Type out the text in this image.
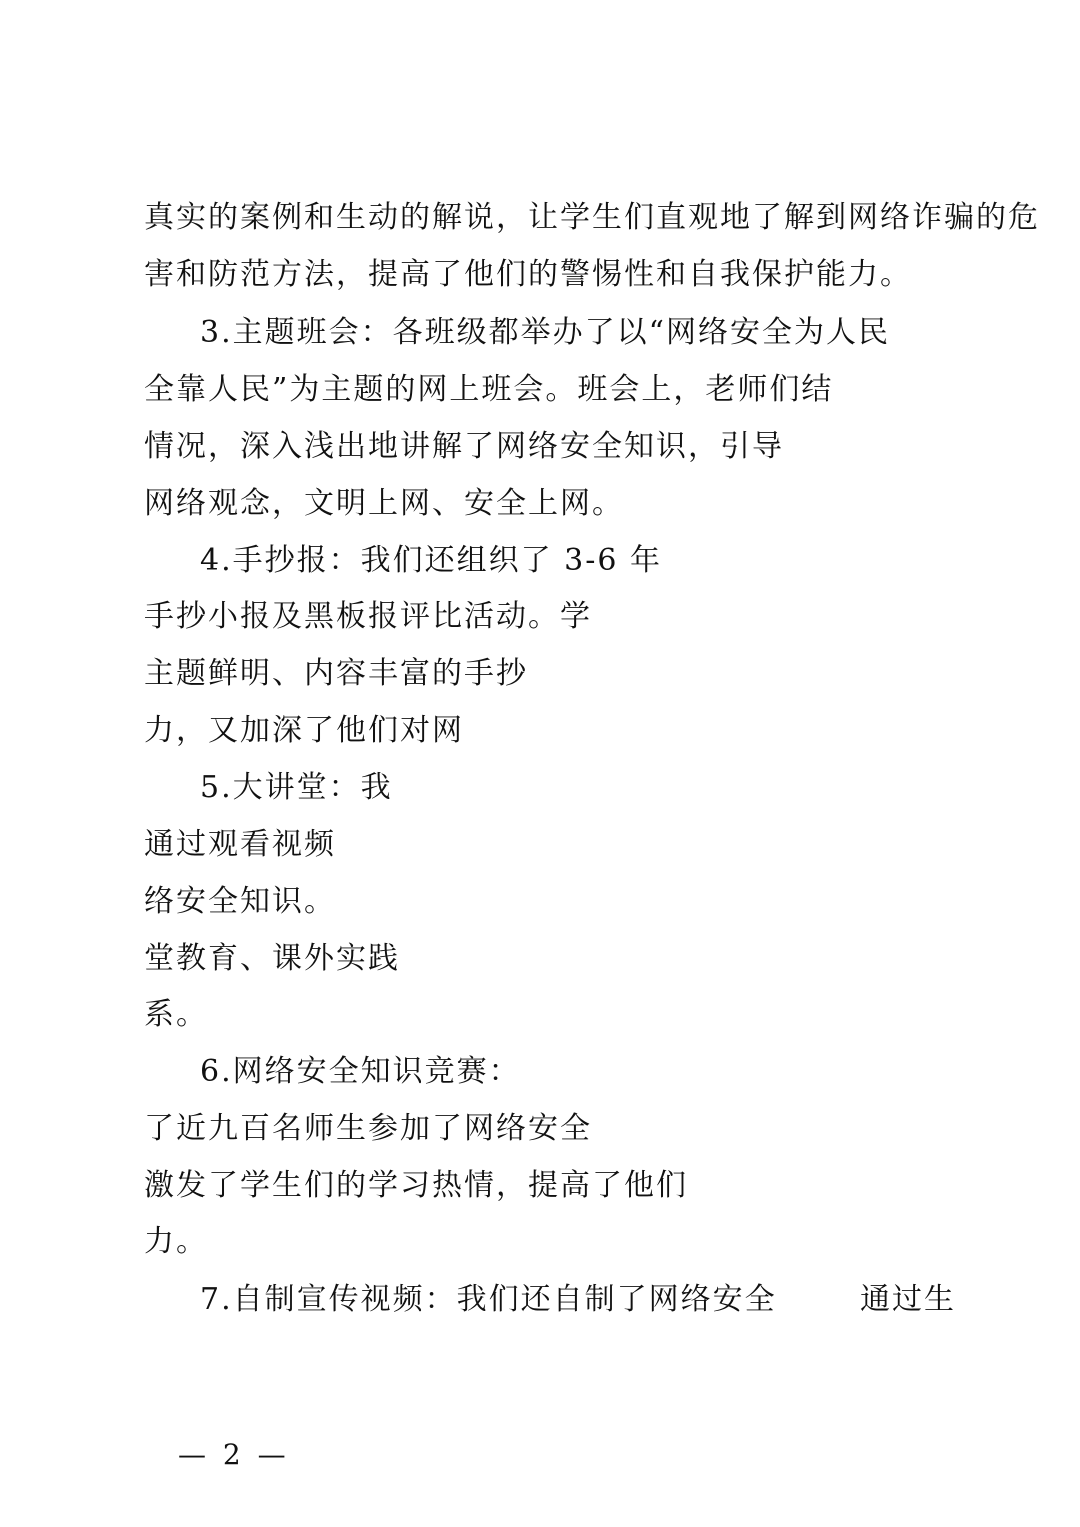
真实的案例和生动的解说，让学生们直观地了解到网络诈骗的危
害和防范方法，提高了他们的警惕性和自我保护能力。
3.主题班会：各班级都举办了以“网络安全为人民
全靠人民”为主题的网上班会。班会上，老师们结
情况，深入浅出地讲解了网络安全知识，引导
网络观念，文明上网、安全上网。
4.手抄报：我们还组织了 3-6 年
手抄小报及黑板报评比活动。学
主题鲜明、内容丰富的手抄
力，又加深了他们对网
5.大讲堂：我
通过观看视频
络安全知识。
堂教育、课外实践
系。
6.网络安全知识竞赛：
了近九百名师生参加了网络安全
激发了学生们的学习热情，提高了他们
力。
7.自制宣传视频：我们还自制了网络安全	通过生
— 2 —
